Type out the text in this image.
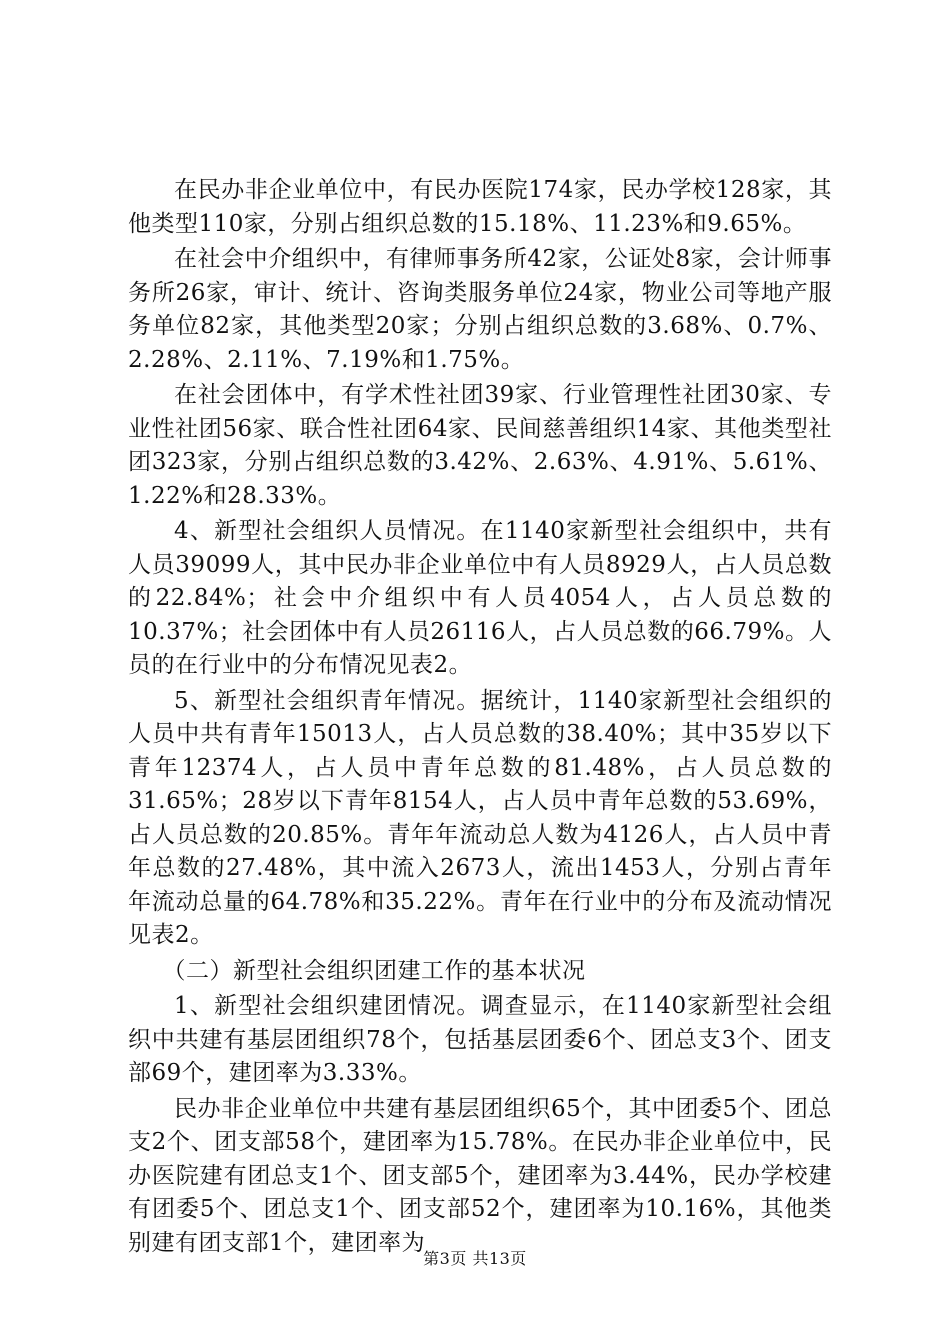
在民办非企业单位中，有民办医院174家，民办学校128家，其他类型110家，分别占组织总数的15.18%、11.23%和9.65%。

在社会中介组织中，有律师事务所42家，公证处8家，会计师事务所26家，审计、统计、咨询类服务单位24家，物业公司等地产服务单位82家，其他类型20家；分别占组织总数的3.68%、0.7%、2.28%、2.11%、7.19%和1.75%。

在社会团体中，有学术性社团39家、行业管理性社团30家、专业性社团56家、联合性社团64家、民间慈善组织14家、其他类型社团323家，分别占组织总数的3.42%、2.63%、4.91%、5.61%、1.22%和28.33%。

4、新型社会组织人员情况。在1140家新型社会组织中，共有人员39099人，其中民办非企业单位中有人员8929人，占人员总数的22.84%；社会中介组织中有人员4054人，占人员总数的10.37%；社会团体中有人员26116人，占人员总数的66.79%。人员的在行业中的分布情况见表2。

5、新型社会组织青年情况。据统计，1140家新型社会组织的人员中共有青年15013人，占人员总数的38.40%；其中35岁以下青年12374人，占人员中青年总数的81.48%，占人员总数的31.65%；28岁以下青年8154人，占人员中青年总数的53.69%，占人员总数的20.85%。青年年流动总人数为4126人，占人员中青年总数的27.48%，其中流入2673人，流出1453人，分别占青年年流动总量的64.78%和35.22%。青年在行业中的分布及流动情况见表2。

（二）新型社会组织团建工作的基本状况

1、新型社会组织建团情况。调查显示，在1140家新型社会组织中共建有基层团组织78个，包括基层团委6个、团总支3个、团支部69个，建团率为3.33%。

民办非企业单位中共建有基层团组织65个，其中团委5个、团总支2个、团支部58个，建团率为15.78%。在民办非企业单位中，民办医院建有团总支1个、团支部5个，建团率为3.44%，民办学校建有团委5个、团总支1个、团支部52个，建团率为10.16%，其他类别建有团支部1个，建团率为

第3页 共13页
